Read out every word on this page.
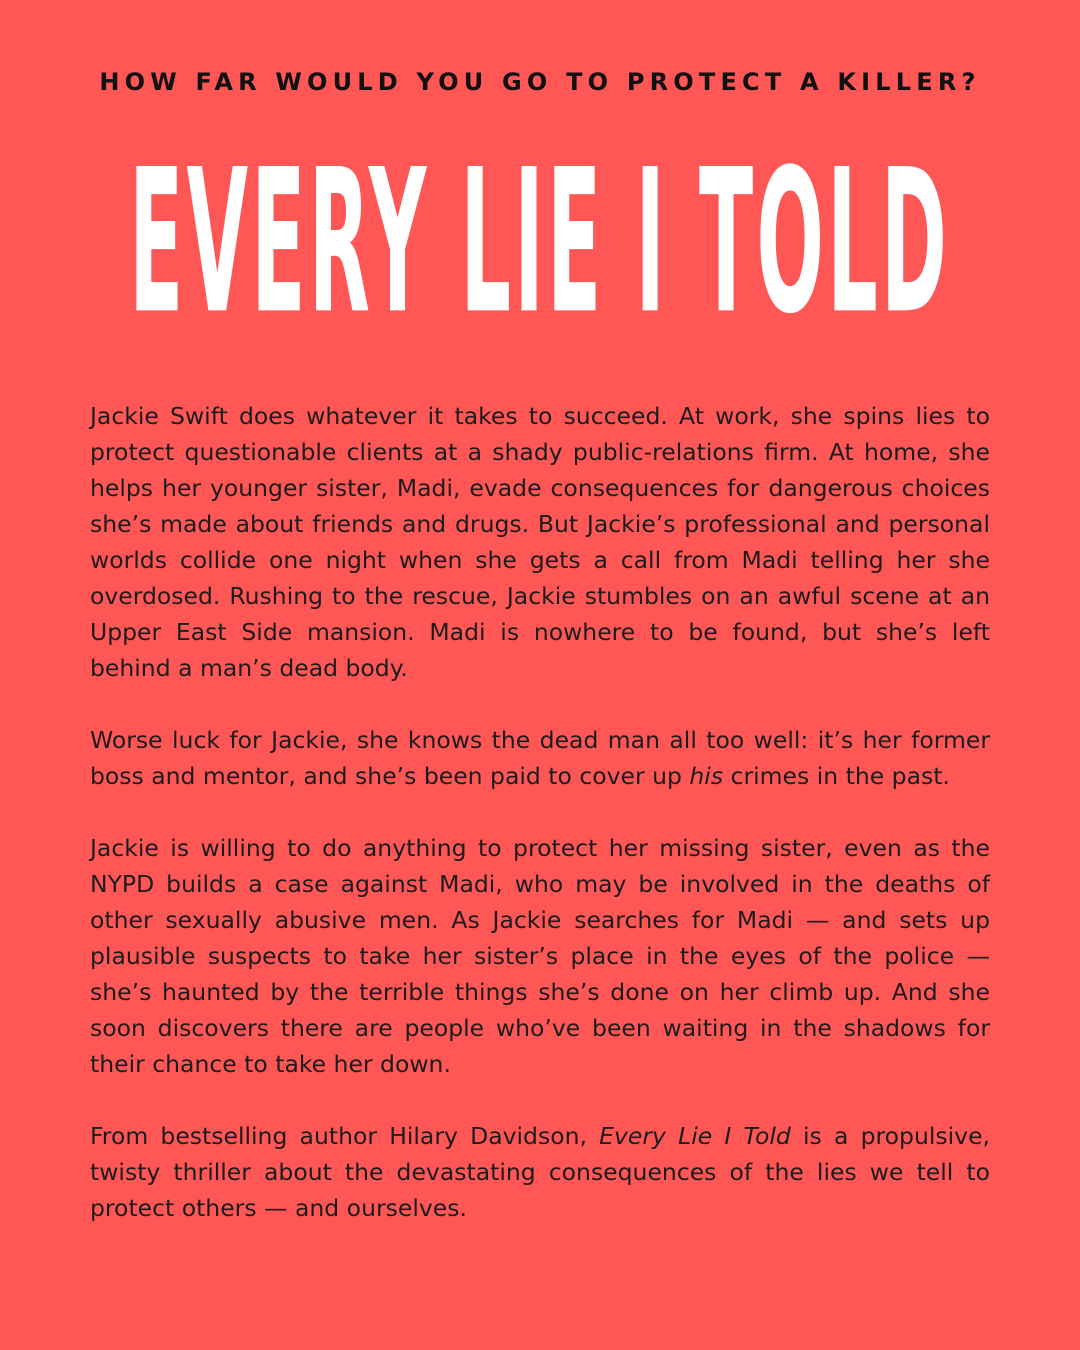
HOW FAR WOULD YOU GO TO PROTECT A KILLER?
EVERY LIE I TOLD

Jackie Swift does whatever it takes to succeed. At work, she spins lies to protect questionable clients at a shady public-relations firm. At home, she helps her younger sister, Madi, evade consequences for dangerous choices she’s made about friends and drugs. But Jackie’s professional and personal worlds collide one night when she gets a call from Madi telling her she overdosed. Rushing to the rescue, Jackie stumbles on an awful scene at an Upper East Side mansion. Madi is nowhere to be found, but she’s left behind a man’s dead body.

Worse luck for Jackie, she knows the dead man all too well: it’s her former boss and mentor, and she’s been paid to cover up his crimes in the past.

Jackie is willing to do anything to protect her missing sister, even as the NYPD builds a case against Madi, who may be involved in the deaths of other sexually abusive men. As Jackie searches for Madi — and sets up plausible suspects to take her sister’s place in the eyes of the police — she’s haunted by the terrible things she’s done on her climb up. And she soon discovers there are people who’ve been waiting in the shadows for their chance to take her down.

From bestselling author Hilary Davidson, Every Lie I Told is a propulsive, twisty thriller about the devastating consequences of the lies we tell to protect others — and ourselves.
